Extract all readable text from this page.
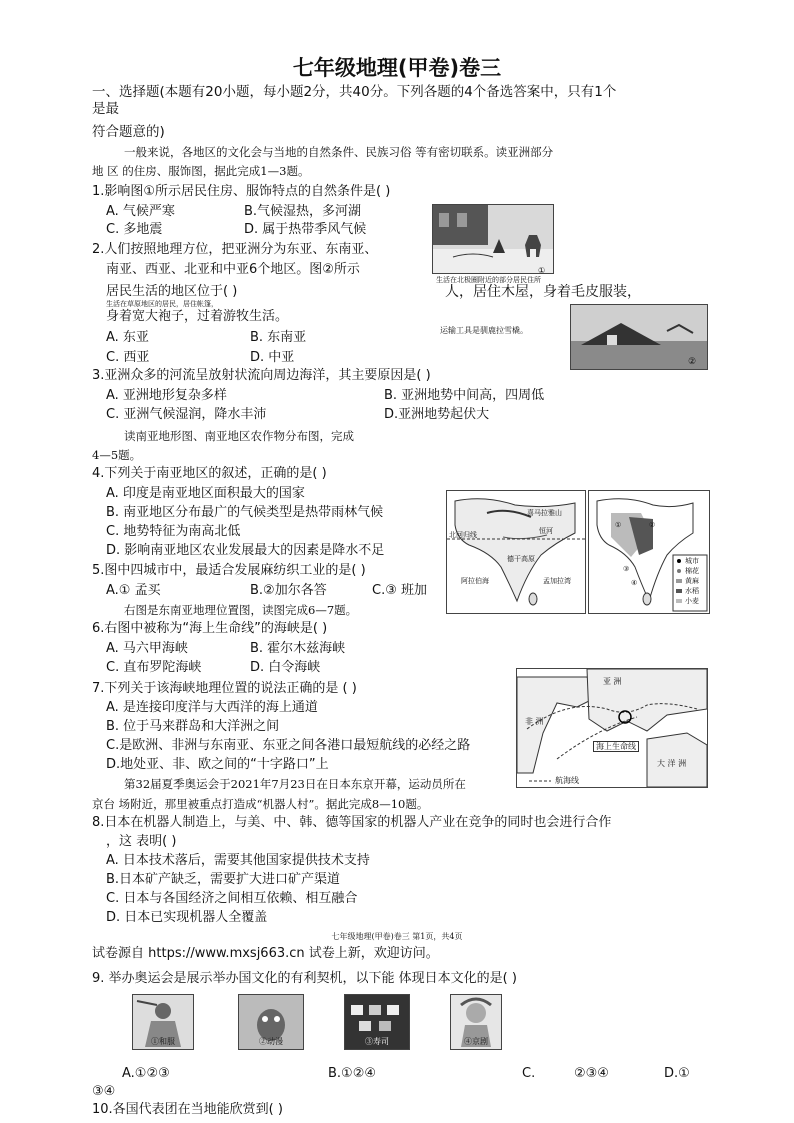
七年级地理(甲卷)卷三
一、选择题(本题有20小题，每小题2分，共40分。下列各题的4个备选答案中，只有1个
是最
符合题意的)
一般来说，各地区的文化会与当地的自然条件、民族习俗 等有密切联系。读亚洲部分
地 区 的住房、服饰图，据此完成1—3题。
1.影响图①所示居民住房、服饰特点的自然条件是( )
A. 气候严寒	B.气候湿热，多河湖
C. 多地震	D. 属于热带季风气候
生活在北极圈附近的部分居民住所
①
人，居住木屋，身着毛皮服装，
2.人们按照地理方位，把亚洲分为东亚、东南亚、
南亚、西亚、北亚和中亚6个地区。图②所示
居民生活的地区位于( )
生活在草原地区的居民，居住帐篷，
身着宽大袍子，过着游牧生活。
A. 东亚	B. 东南亚
C. 西亚	D. 中亚
运输工具是驯鹿拉雪橇。
②
3.亚洲众多的河流呈放射状流向周边海洋，其主要原因是( )
A. 亚洲地形复杂多样	B. 亚洲地势中间高，四周低
C. 亚洲气候湿润，降水丰沛	D.亚洲地势起伏大
读南亚地形图、南亚地区农作物分布图，完成
4—5题。
4.下列关于南亚地区的叙述，正确的是( )
A. 印度是南亚地区面积最大的国家
B. 南亚地区分布最广的气候类型是热带雨林气候
C. 地势特征为南高北低
D. 影响南亚地区农业发展最大的因素是降水不足
5.图中四城市中，最适合发展麻纺织工业的是( )
A.① 孟买	B.②加尔各答	C.③ 班加
喜马拉雅山
恒河
德干高原
阿拉伯海	孟加拉湾
北回归线
城市
棉花
黄麻
水稻
小麦
①	②
③
④
右图是东南亚地理位置图，读图完成6—7题。
6.右图中被称为“海上生命线”的海峡是( )
A. 马六甲海峡	B. 霍尔木兹海峡
C. 直布罗陀海峡	D. 白令海峡
7.下列关于该海峡地理位置的说法正确的是 ( )
A. 是连接印度洋与大西洋的海上通道
B. 位于马来群岛和大洋洲之间
C.是欧洲、非洲与东南亚、东亚之间各港口最短航线的必经之路
D.地处亚、非、欧之间的“十字路口”上
亚 洲
非 洲
大 洋 洲
海上生命线
航海线
第32届夏季奥运会于2021年7月23日在日本东京开幕，运动员所在
京台 场附近，那里被重点打造成“机器人村”。据此完成8—10题。
8.日本在机器人制造上，与美、中、韩、德等国家的机器人产业在竞争的同时也会进行合作
，这 表明( )
A. 日本技术落后，需要其他国家提供技术支持
B.日本矿产缺乏，需要扩大进口矿产渠道
C. 日本与各国经济之间相互依赖、相互融合
D. 日本已实现机器人全覆盖
七年级地理(甲卷)卷三 第1页，共4页
试卷源自 https://www.mxsj663.cn 试卷上新，欢迎访问。
9. 举办奥运会是展示举办国文化的有利契机，以下能 体现日本文化的是( )
①和服	②动漫	③寿司	④京剧
A.①②③	B.①②④	C.	②③④	D.①
③④
10.各国代表团在当地能欣赏到( )
